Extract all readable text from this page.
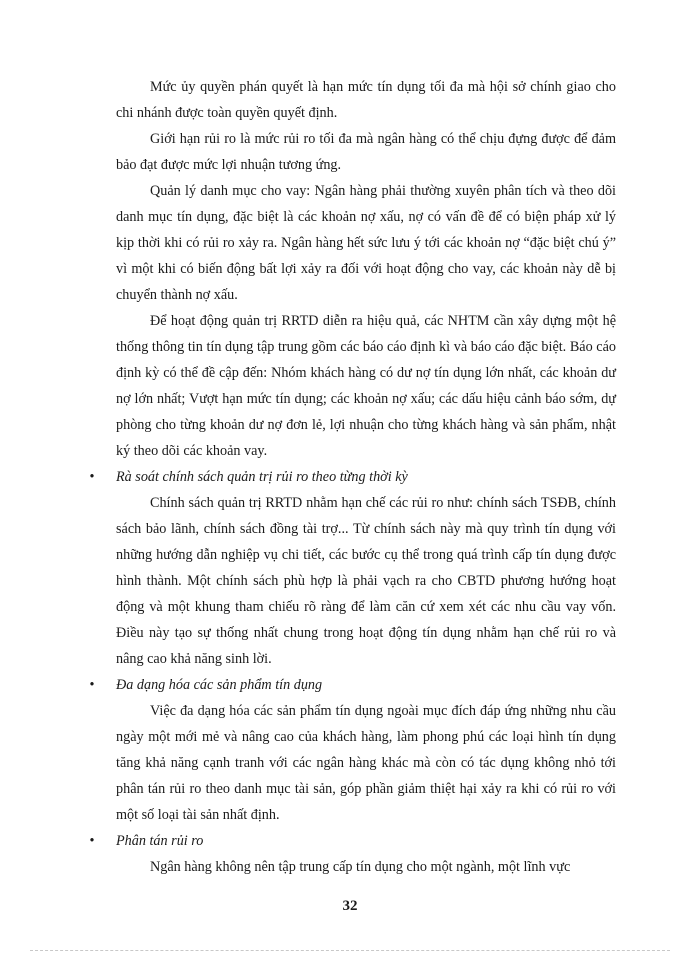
Mức ủy quyền phán quyết là hạn mức tín dụng tối đa mà hội sở chính giao cho chi nhánh được toàn quyền quyết định.

Giới hạn rủi ro là mức rủi ro tối đa mà ngân hàng có thể chịu đựng được để đảm bảo đạt được mức lợi nhuận tương ứng.

Quản lý danh mục cho vay: Ngân hàng phải thường xuyên phân tích và theo dõi danh mục tín dụng, đặc biệt là các khoản nợ xấu, nợ có vấn đề để có biện pháp xử lý kịp thời khi có rủi ro xảy ra. Ngân hàng hết sức lưu ý tới các khoản nợ “đặc biệt chú ý” vì một khi có biến động bất lợi xảy ra đối với hoạt động cho vay, các khoản này dễ bị chuyển thành nợ xấu.

Để hoạt động quản trị RRTD diễn ra hiệu quả, các NHTM cần xây dựng một hệ thống thông tin tín dụng tập trung gồm các báo cáo định kì và báo cáo đặc biệt. Báo cáo định kỳ có thể đề cập đến: Nhóm khách hàng có dư nợ tín dụng lớn nhất, các khoản dư nợ lớn nhất; Vượt hạn mức tín dụng; các khoản nợ xấu; các dấu hiệu cảnh báo sớm, dự phòng cho từng khoản dư nợ đơn lẻ, lợi nhuận cho từng khách hàng và sản phẩm, nhật ký theo dõi các khoản vay.

•	Rà soát chính sách quản trị rủi ro theo từng thời kỳ

Chính sách quản trị RRTD nhằm hạn chế các rủi ro như: chính sách TSĐB, chính sách bảo lãnh, chính sách đồng tài trợ... Từ chính sách này mà quy trình tín dụng với những hướng dẫn nghiệp vụ chi tiết, các bước cụ thể trong quá trình cấp tín dụng được hình thành. Một chính sách phù hợp là phải vạch ra cho CBTD phương hướng hoạt động và một khung tham chiếu rõ ràng để làm căn cứ xem xét các nhu cầu vay vốn. Điều này tạo sự thống nhất chung trong hoạt động tín dụng nhằm hạn chế rủi ro và nâng cao khả năng sinh lời.

•	Đa dạng hóa các sản phẩm tín dụng

Việc đa dạng hóa các sản phẩm tín dụng ngoài mục đích đáp ứng những nhu cầu ngày một mới mẻ và nâng cao của khách hàng, làm phong phú các loại hình tín dụng tăng khả năng cạnh tranh với các ngân hàng khác mà còn có tác dụng không nhỏ tới phân tán rủi ro theo danh mục tài sản, góp phần giảm thiệt hại xảy ra khi có rủi ro với một số loại tài sản nhất định.

•	Phân tán rủi ro

Ngân hàng không nên tập trung cấp tín dụng cho một ngành, một lĩnh vực

32
